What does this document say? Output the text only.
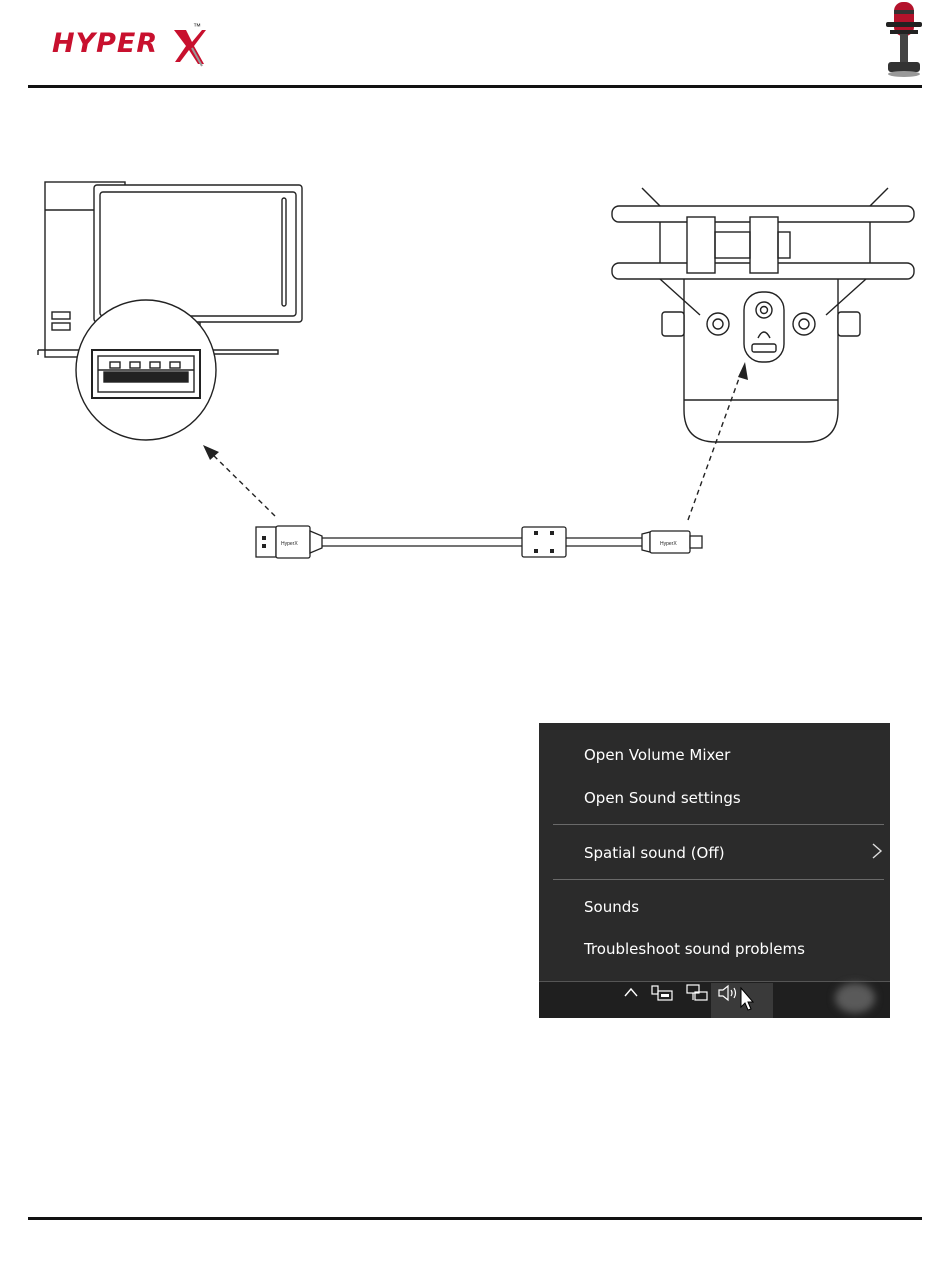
HYPER
™
HyperX	HyperX
Open Volume Mixer
Open Sound settings
Spatial sound (Off)
Sounds
Troubleshoot sound problems
